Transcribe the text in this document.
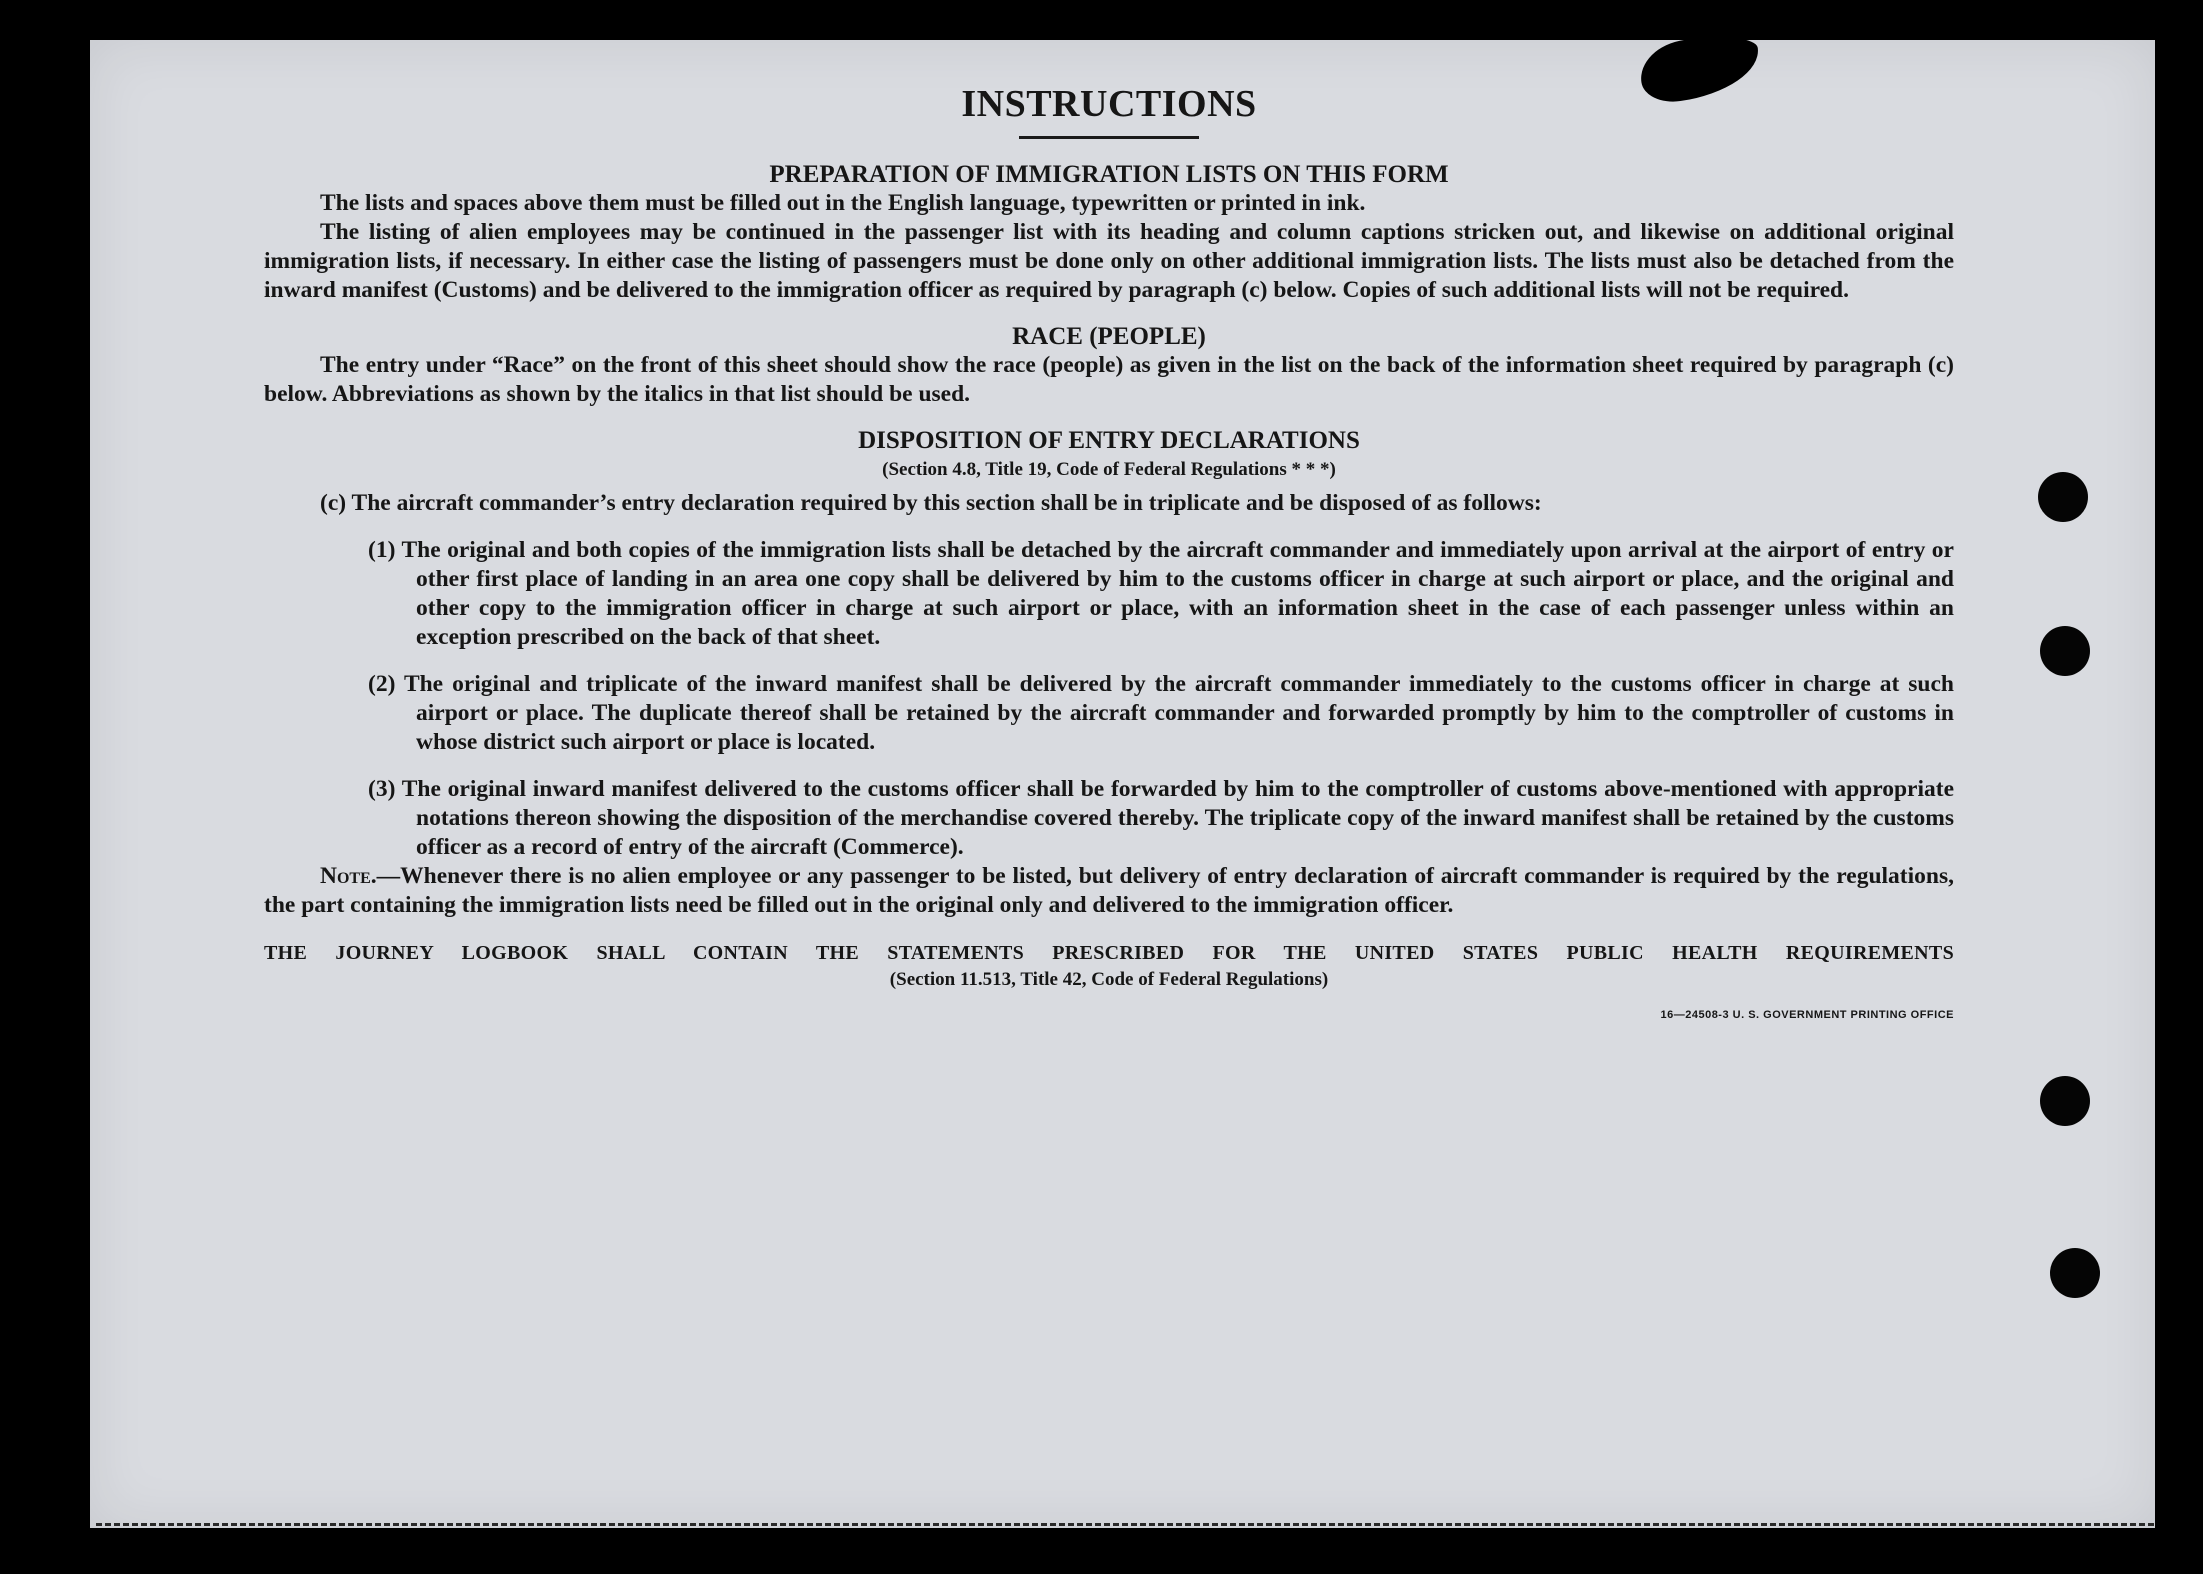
INSTRUCTIONS
PREPARATION OF IMMIGRATION LISTS ON THIS FORM

The lists and spaces above them must be filled out in the English language, typewritten or printed in ink.

The listing of alien employees may be continued in the passenger list with its heading and column captions stricken out, and likewise on additional original immigration lists, if necessary. In either case the listing of passengers must be done only on other additional immigration lists. The lists must also be detached from the inward manifest (Customs) and be delivered to the immigration officer as required by paragraph (c) below. Copies of such additional lists will not be required.

RACE (PEOPLE)

The entry under “Race” on the front of this sheet should show the race (people) as given in the list on the back of the information sheet required by paragraph (c) below. Abbreviations as shown by the italics in that list should be used.

DISPOSITION OF ENTRY DECLARATIONS

(Section 4.8, Title 19, Code of Federal Regulations * * *)

(c) The aircraft commander’s entry declaration required by this section shall be in triplicate and be disposed of as follows:

(1) The original and both copies of the immigration lists shall be detached by the aircraft commander and immediately upon arrival at the airport of entry or other first place of landing in an area one copy shall be delivered by him to the customs officer in charge at such airport or place, and the original and other copy to the immigration officer in charge at such airport or place, with an information sheet in the case of each passenger unless within an exception prescribed on the back of that sheet.
(2) The original and triplicate of the inward manifest shall be delivered by the aircraft commander immediately to the customs officer in charge at such airport or place. The duplicate thereof shall be retained by the aircraft commander and forwarded promptly by him to the comptroller of customs in whose district such airport or place is located.
(3) The original inward manifest delivered to the customs officer shall be forwarded by him to the comptroller of customs above-mentioned with appropriate notations thereon showing the disposition of the merchandise covered thereby. The triplicate copy of the inward manifest shall be retained by the customs officer as a record of entry of the aircraft (Commerce).

Note.—Whenever there is no alien employee or any passenger to be listed, but delivery of entry declaration of aircraft commander is required by the regulations, the part containing the immigration lists need be filled out in the original only and delivered to the immigration officer.

THE JOURNEY LOGBOOK SHALL CONTAIN THE STATEMENTS PRESCRIBED FOR THE UNITED STATES PUBLIC HEALTH REQUIREMENTS

(Section 11.513, Title 42, Code of Federal Regulations)

16—24508-3 U. S. GOVERNMENT PRINTING OFFICE
